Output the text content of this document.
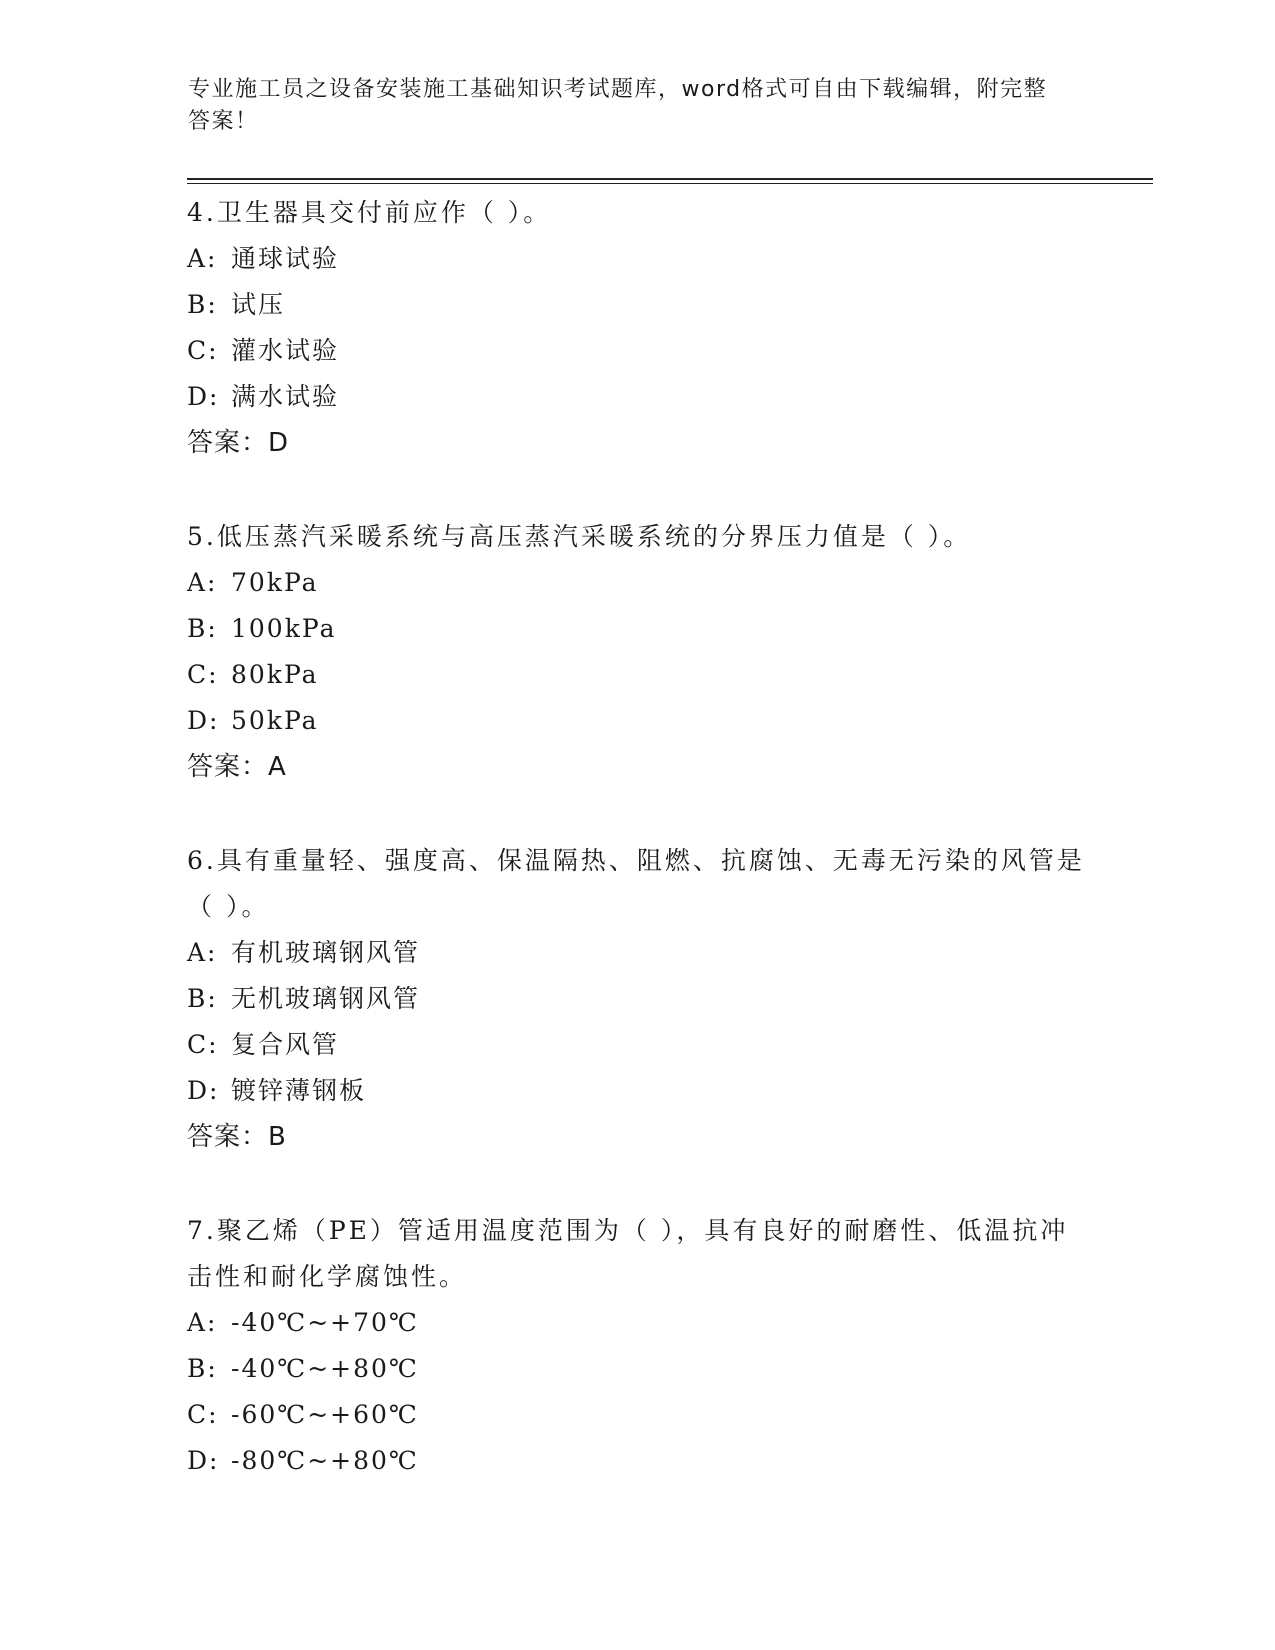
专业施工员之设备安装施工基础知识考试题库，word格式可自由下载编辑，附完整答案！

4.卫生器具交付前应作（ ）。

A: 通球试验

B: 试压

C: 灌水试验

D: 满水试验

答案：D

5.低压蒸汽采暖系统与高压蒸汽采暖系统的分界压力值是（ ）。

A: 70kPa

B: 100kPa

C: 80kPa

D: 50kPa

答案：A

6.具有重量轻、强度高、保温隔热、阻燃、抗腐蚀、无毒无污染的风管是（ ）。

A: 有机玻璃钢风管

B: 无机玻璃钢风管

C: 复合风管

D: 镀锌薄钢板

答案：B

7.聚乙烯（PE）管适用温度范围为（ ），具有良好的耐磨性、低温抗冲击性和耐化学腐蚀性。

A: -40℃~+70℃

B: -40℃~+80℃

C: -60℃~+60℃

D: -80℃~+80℃
